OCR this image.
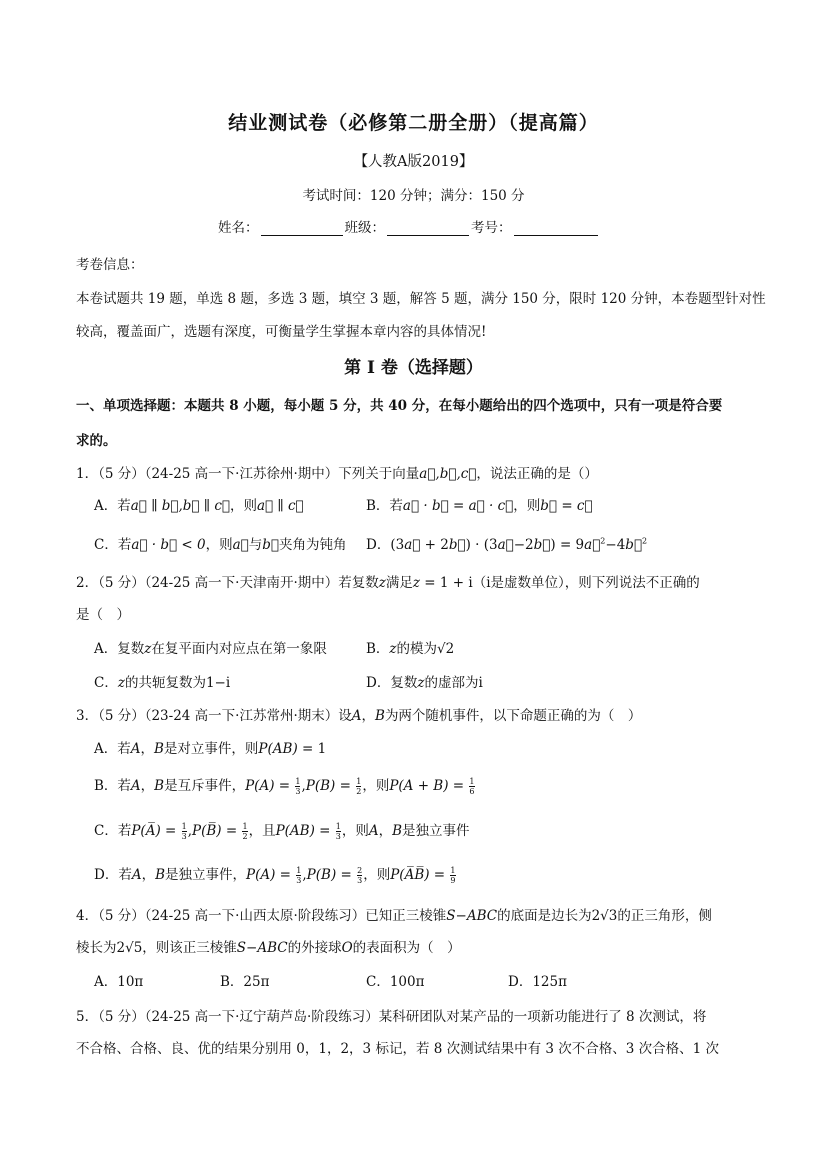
结业测试卷（必修第二册全册）（提高篇）
【人教A版2019】
考试时间：120 分钟；满分：150 分
姓名：	班级：	考号：
考卷信息：
本卷试题共 19 题，单选 8 题，多选 3 题，填空 3 题，解答 5 题，满分 150 分，限时 120 分钟，本卷题型针对性
较高，覆盖面广，选题有深度，可衡量学生掌握本章内容的具体情况!
第 I 卷（选择题）
一、单项选择题：本题共 8 小题，每小题 5 分，共 40 分，在每小题给出的四个选项中，只有一项是符合要
求的。
1．（5 分）（24-25 高一下·江苏徐州·期中）下列关于向量a⃗,b⃗,c⃗，说法正确的是（）
A．若a⃗ ∥ b⃗,b⃗ ∥ c⃗，则a⃗ ∥ c⃗	B．若a⃗ · b⃗ = a⃗ · c⃗，则b⃗ = c⃗
C．若a⃗ · b⃗ < 0，则a⃗与b⃗夹角为钝角 D．(3a⃗ + 2b⃗) · (3a⃗−2b⃗) = 9a⃗$^2$−4b⃗$^2$
2．（5 分）（24-25 高一下·天津南开·期中）若复数z满足z = 1 + i（i是虚数单位），则下列说法不正确的
是（　）
A．复数z在复平面内对应点在第一象限	B．z的模为√2
C．z的共轭复数为1−i	D．复数z的虚部为i
3．（5 分）（23-24 高一下·江苏常州·期末）设A，B为两个随机事件，以下命题正确的为（　）
A．若A，B是对立事件，则P(AB) = 1
B．若A，B是互斥事件，$P(A) = \frac{1}{3} ,P(B) = \frac{1}{2}$ ，则$P(A + B) = \frac{1}{6}$
C．若P(A̅) = $\frac{1}{3}$ ,P(B̅) = $\frac{1}{2}$ ，且$P(AB) = \frac{1}{3}$ ，则A，B是独立事件
D．若A，B是独立事件，$P(A) = \frac{1}{3} ,P(B) = \frac{2}{3}$ ，则P(A̅B̅) = $\frac{1}{9}$
4．（5 分）（24-25 高一下·山西太原·阶段练习）已知正三棱锥S−ABC的底面是边长为2√3的正三角形，侧
棱长为2√5，则该正三棱锥S−ABC的外接球O的表面积为（　）
A．10π	B．25π	C．100π	D．125π
5．（5 分）（24-25 高一下·辽宁葫芦岛·阶段练习）某科研团队对某产品的一项新功能进行了 8 次测试，将
不合格、合格、良、优的结果分别用 0，1，2，3 标记，若 8 次测试结果中有 3 次不合格、3 次合格、1 次
